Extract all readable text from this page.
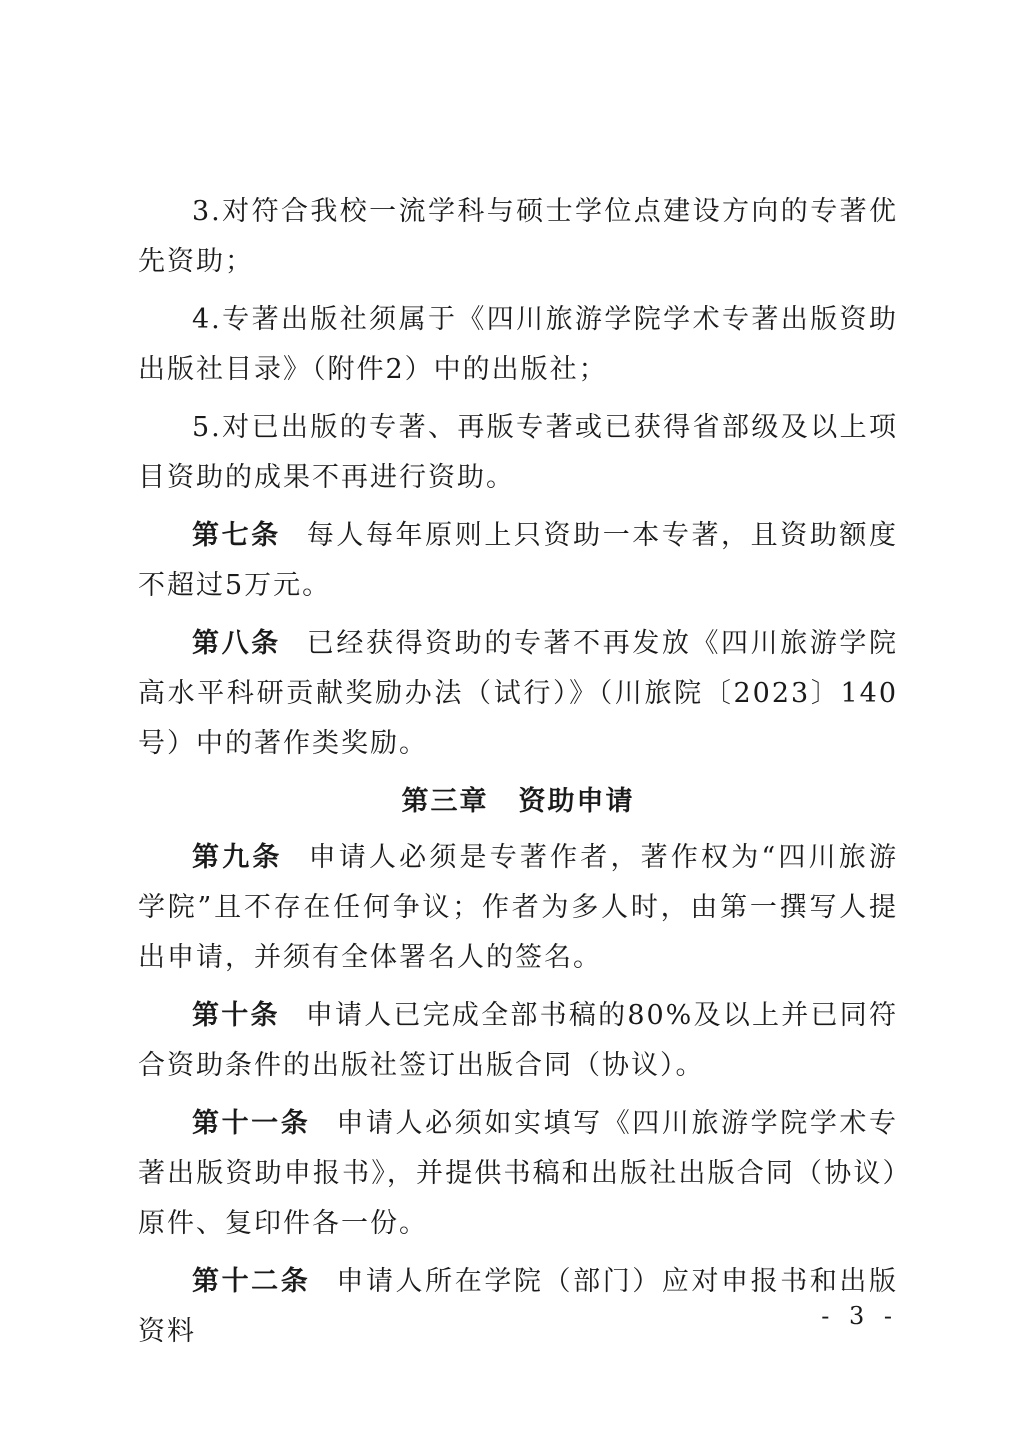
3.对符合我校一流学科与硕士学位点建设方向的专著优先资助；

4.专著出版社须属于《四川旅游学院学术专著出版资助出版社目录》（附件2）中的出版社；

5.对已出版的专著、再版专著或已获得省部级及以上项目资助的成果不再进行资助。

第七条 每人每年原则上只资助一本专著，且资助额度不超过5万元。

第八条 已经获得资助的专著不再发放《四川旅游学院高水平科研贡献奖励办法（试行）》（川旅院〔2023〕140号）中的著作类奖励。

第三章 资助申请

第九条 申请人必须是专著作者，著作权为“四川旅游学院”且不存在任何争议；作者为多人时，由第一撰写人提出申请，并须有全体署名人的签名。

第十条 申请人已完成全部书稿的80%及以上并已同符合资助条件的出版社签订出版合同（协议）。

第十一条 申请人必须如实填写《四川旅游学院学术专著出版资助申报书》，并提供书稿和出版社出版合同（协议）原件、复印件各一份。

第十二条 申请人所在学院（部门）应对申报书和出版资料	- 3 -
